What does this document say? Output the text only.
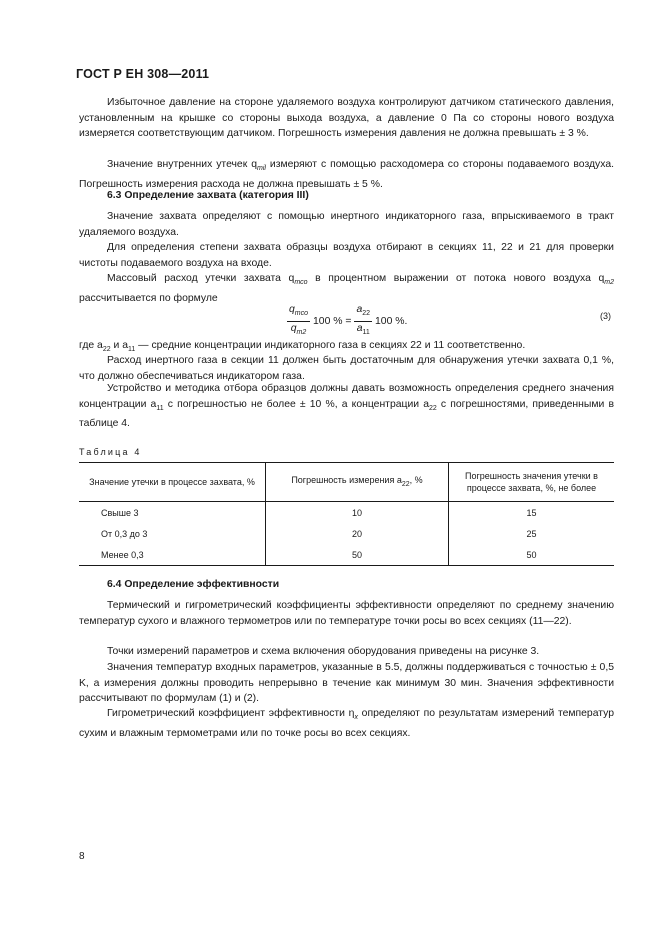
ГОСТ Р ЕН 308—2011
Избыточное давление на стороне удаляемого воздуха контролируют датчиком статического давления, установленным на крышке со стороны выхода воздуха, а давление 0 Па со стороны нового воздуха измеряется соответствующим датчиком. Погрешность измерения давления не должна превышать ± 3 %.
Значение внутренних утечек $q_{mil}$ измеряют с помощью расходомера со стороны подаваемого воздуха. Погрешность измерения расхода не должна превышать ± 5 %.
6.3 Определение захвата (категория III)
Значение захвата определяют с помощью инертного индикаторного газа, впрыскиваемого в тракт удаляемого воздуха.
Для определения степени захвата образцы воздуха отбирают в секциях 11, 22 и 21 для проверки чистоты подаваемого воздуха на входе.
Массовый расход утечки захвата $q_{mco}$ в процентном выражении от потока нового воздуха $q_{m2}$ рассчитывается по формуле
$\frac{q_{mco}}{q_{m2}} 100$ % = $\frac{a_{22}}{a_{11}} 100$ %.
(3)
где $a_{22}$ и $a_{11}$ — средние концентрации индикаторного газа в секциях 22 и 11 соответственно.
Расход инертного газа в секции 11 должен быть достаточным для обнаружения утечки захвата 0,1 %, что должно обеспечиваться индикатором газа.
Устройство и методика отбора образцов должны давать возможность определения среднего значения концентрации $a_{11}$ с погрешностью не более ± 10 %, а концентрации $a_{22}$ с погрешностями, приведенными в таблице 4.
Таблица 4
Значение утечки в процессе захвата, %	Погрешность измерения $a_{22}$, %	Погрешность значения утечки в процессе захвата, %, не более
Свыше 3	10	15
От 0,3 до 3	20	25
Менее 0,3	50	50
6.4 Определение эффективности
Термический и гигрометрический коэффициенты эффективности определяют по среднему значению температур сухого и влажного термометров или по температуре точки росы во всех секциях (11—22).
Точки измерений параметров и схема включения оборудования приведены на рисунке 3.
Значения температур входных параметров, указанные в 5.5, должны поддерживаться с точностью ± 0,5 K, а измерения должны проводить непрерывно в течение как минимум 30 мин. Значения эффективности рассчитывают по формулам (1) и (2).
Гигрометрический коэффициент эффективности $\eta_x$ определяют по результатам измерений температур сухим и влажным термометрами или по точке росы во всех секциях.
8
